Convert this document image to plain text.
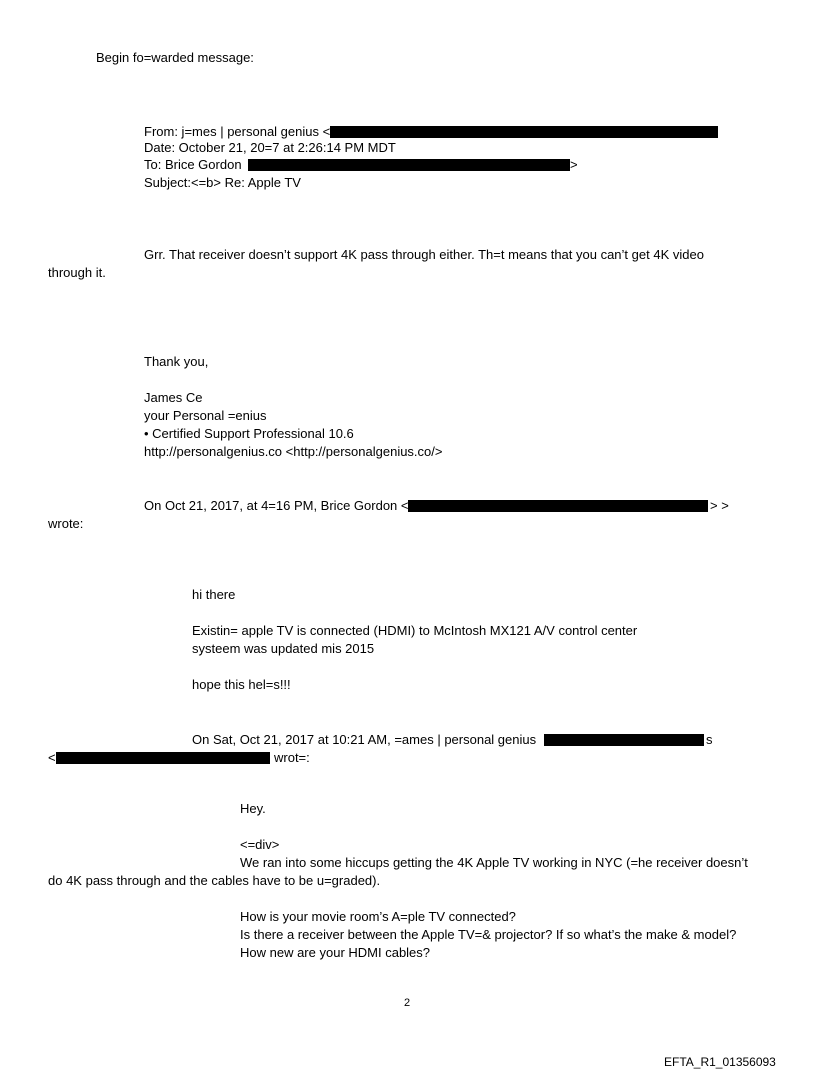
Begin fo=warded message:
From: j=mes | personal genius <
Date: October 21, 20=7 at 2:26:14 PM MDT
To: Brice Gordon	>
Subject:<=b> Re: Apple TV
Grr. That receiver doesn’t support 4K pass through either. Th=t means that you can’t get 4K video
through it.
Thank you,
James Ce
your Personal =enius
• Certified Support Professional 10.6
http://personalgenius.co <http://personalgenius.co/>
On Oct 21, 2017, at 4=16 PM, Brice Gordon <	> >
wrote:
hi there
Existin= apple TV is connected (HDMI) to McIntosh MX121 A/V control center
systeem was updated mis 2015
hope this hel=s!!!
On Sat, Oct 21, 2017 at 10:21 AM, =ames | personal genius	s
<	wrot=:
Hey.
<=div>
We ran into some hiccups getting the 4K Apple TV working in NYC (=he receiver doesn’t
do 4K pass through and the cables have to be u=graded).
How is your movie room’s A=ple TV connected?
Is there a receiver between the Apple TV=& projector? If so what’s the make & model?
How new are your HDMI cables?
2
EFTA_R1_01356093
